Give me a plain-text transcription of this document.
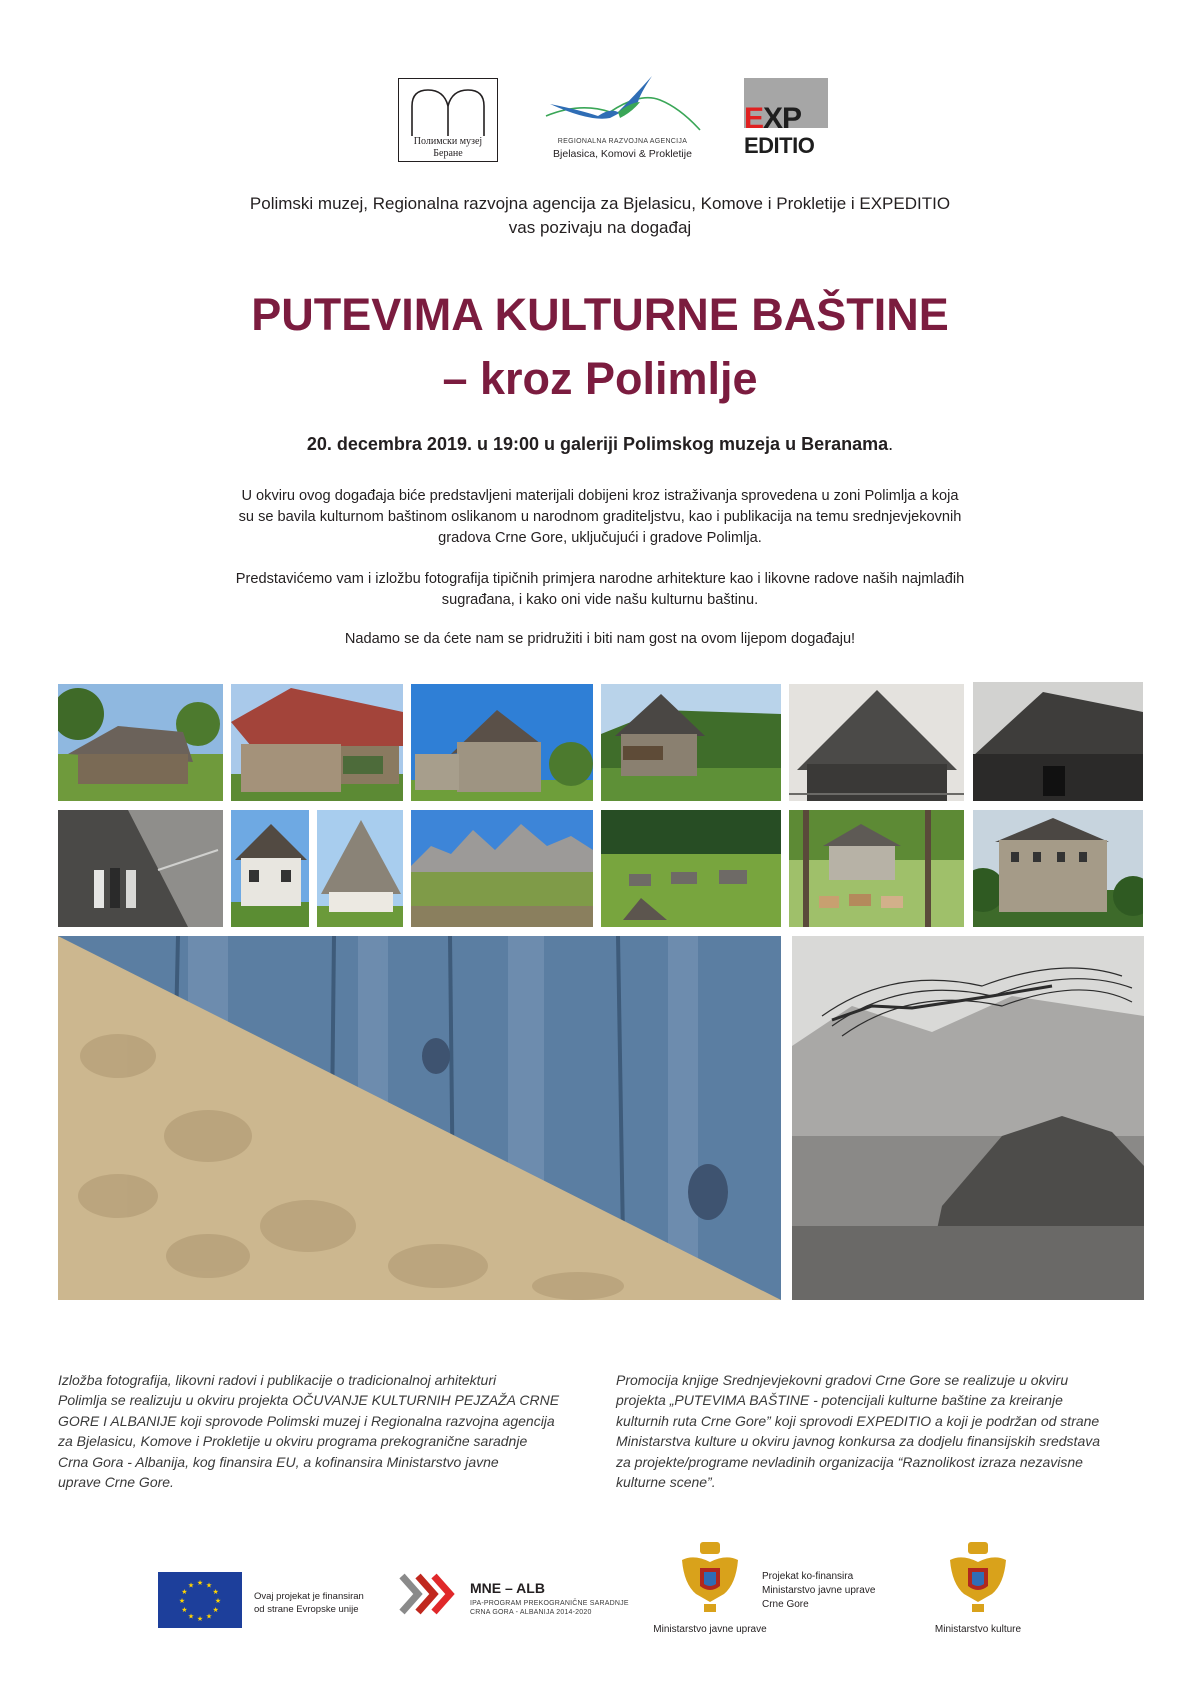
Полимски музеј
Беране
REGIONALNA RAZVOJNA AGENCIJA
Bjelasica, Komovi & Prokletije
EXP
EDITIO
Polimski muzej, Regionalna razvojna agencija za Bjelasicu, Komove i Prokletije i EXPEDITIO
vas pozivaju na događaj
PUTEVIMA KULTURNE BAŠTINE
– kroz Polimlje
20. decembra 2019. u 19:00 u galeriji Polimskog muzeja u Beranama.
U okviru ovog događaja biće predstavljeni materijali dobijeni kroz istraživanja sprovedena u zoni Polimlja a koja
su se bavila kulturnom baštinom oslikanom u narodnom graditeljstvu, kao i publikacija na temu srednjevjekovnih
gradova Crne Gore, uključujući i gradove Polimlja.
Predstavićemo vam i izložbu fotografija tipičnih primjera narodne arhitekture kao i likovne radove naših najmlađih
sugrađana, i kako oni vide našu kulturnu baštinu.
Nadamo se da ćete nam se pridružiti i biti nam gost na ovom lijepom događaju!
Izložba fotografija, likovni radovi i publikacije o tradicionalnoj arhitekturi
Polimlja se realizuju u okviru projekta OČUVANJE KULTURNIH PEJZAŽA CRNE
GORE I ALBANIJE koji sprovode Polimski muzej i Regionalna razvojna agencija
za Bjelasicu, Komove i Prokletije u okviru programa prekogranične saradnje
Crna Gora - Albanija, kog finansira EU, a kofinansira Ministarstvo javne
uprave Crne Gore.
Promocija knjige Srednjevjekovni gradovi Crne Gore se realizuje u okviru
projekta „PUTEVIMA BAŠTINE - potencijali kulturne baštine za kreiranje
kulturnih ruta Crne Gore” koji sprovodi EXPEDITIO a koji je podržan od strane
Ministarstva kulture u okviru javnog konkursa za dodjelu finansijskih sredstava
za projekte/programe nevladinih organizacija “Raznolikost izraza nezavisne
kulturne scene”.
★ ★
★
★
★
★
★
★
★
★
★
★
Ovaj projekat je finansiran
od strane Evropske unije
MNE – ALB
IPA-PROGRAM PREKOGRANIČNE SARADNJE
CRNA GORA - ALBANIJA 2014-2020
Projekat ko-finansira
Ministarstvo javne uprave
Crne Gore
Ministarstvo javne uprave	Ministarstvo kulture
